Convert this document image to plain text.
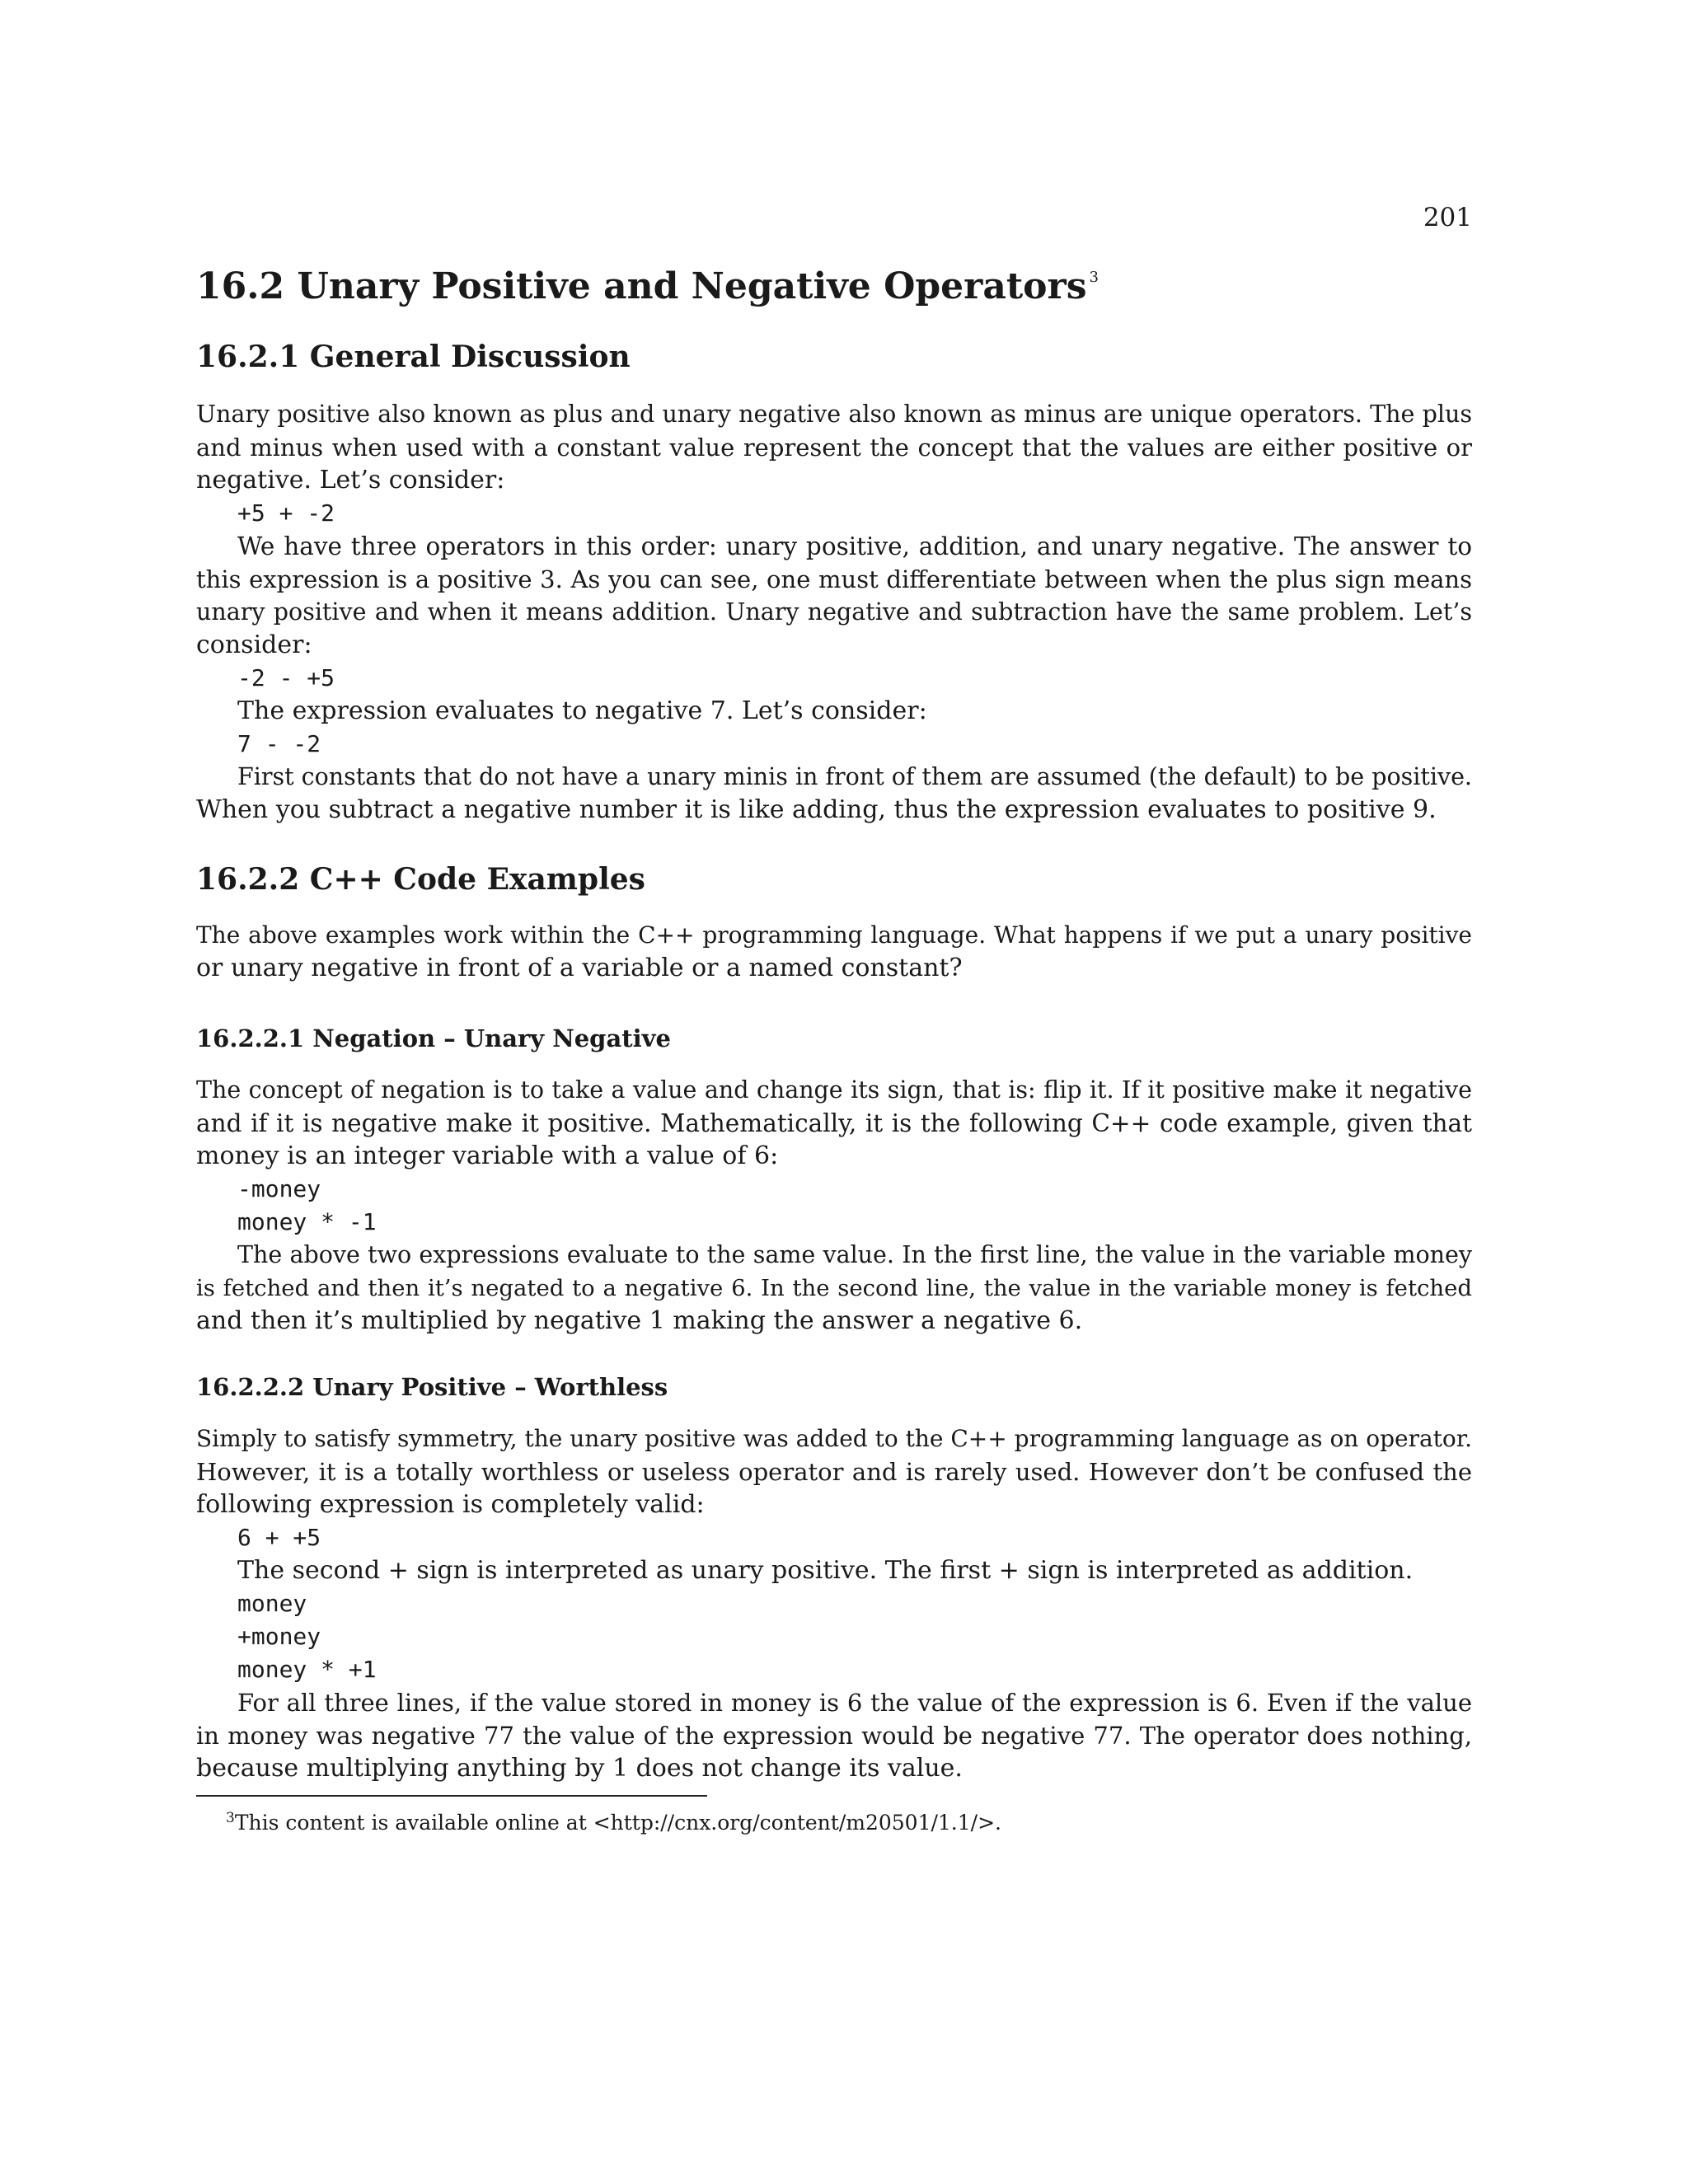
201
16.2 Unary Positive and Negative Operators $^3$
16.2.1 General Discussion
Unary positive also known as plus and unary negative also known as minus are unique operators. The plus
and minus when used with a constant value represent the concept that the values are either positive or
negative. Let’s consider:
+5 + -2
We have three operators in this order: unary positive, addition, and unary negative. The answer to
this expression is a positive 3. As you can see, one must differentiate between when the plus sign means
unary positive and when it means addition. Unary negative and subtraction have the same problem. Let’s
consider:
-2 - +5
The expression evaluates to negative 7. Let’s consider:
7 - -2
First constants that do not have a unary minis in front of them are assumed (the default) to be positive.
When you subtract a negative number it is like adding, thus the expression evaluates to positive 9.
16.2.2 C++ Code Examples
The above examples work within the C++ programming language. What happens if we put a unary positive
or unary negative in front of a variable or a named constant?
16.2.2.1 Negation – Unary Negative
The concept of negation is to take a value and change its sign, that is: flip it. If it positive make it negative
and if it is negative make it positive. Mathematically, it is the following C++ code example, given that
money is an integer variable with a value of 6:
-money
money * -1
The above two expressions evaluate to the same value. In the first line, the value in the variable money
is fetched and then it’s negated to a negative 6. In the second line, the value in the variable money is fetched
and then it’s multiplied by negative 1 making the answer a negative 6.
16.2.2.2 Unary Positive – Worthless
Simply to satisfy symmetry, the unary positive was added to the C++ programming language as on operator.
However, it is a totally worthless or useless operator and is rarely used. However don’t be confused the
following expression is completely valid:
6 + +5
The second + sign is interpreted as unary positive. The first + sign is interpreted as addition.
money
+money
money * +1
For all three lines, if the value stored in money is 6 the value of the expression is 6. Even if the value
in money was negative 77 the value of the expression would be negative 77. The operator does nothing,
because multiplying anything by 1 does not change its value.
$^3$This content is available online at <http://cnx.org/content/m20501/1.1/>.
